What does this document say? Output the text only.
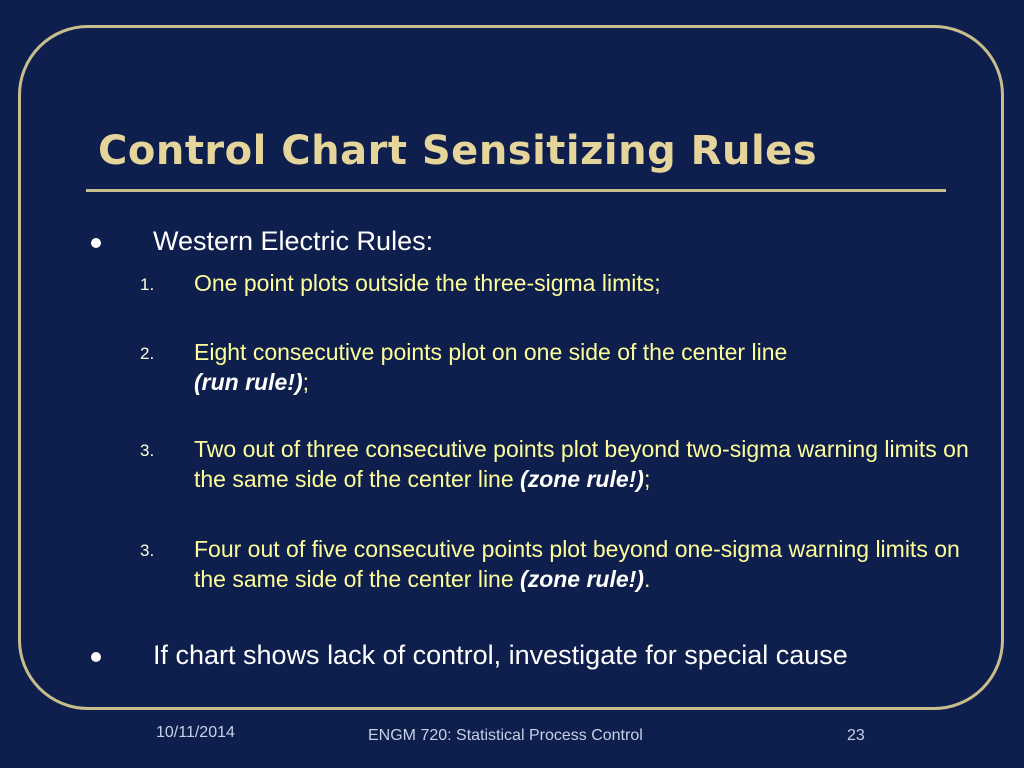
Control Chart Sensitizing Rules
Western Electric Rules:
1. One point plots outside the three-sigma limits;
2. Eight consecutive points plot on one side of the center line
(run rule!);
3. Two out of three consecutive points plot beyond two-sigma warning limits on the same side of the center line (zone rule!);
3. Four out of five consecutive points plot beyond one-sigma warning limits on the same side of the center line (zone rule!).
If chart shows lack of control, investigate for special cause
10/11/2014	ENGM 720: Statistical Process Control	23
